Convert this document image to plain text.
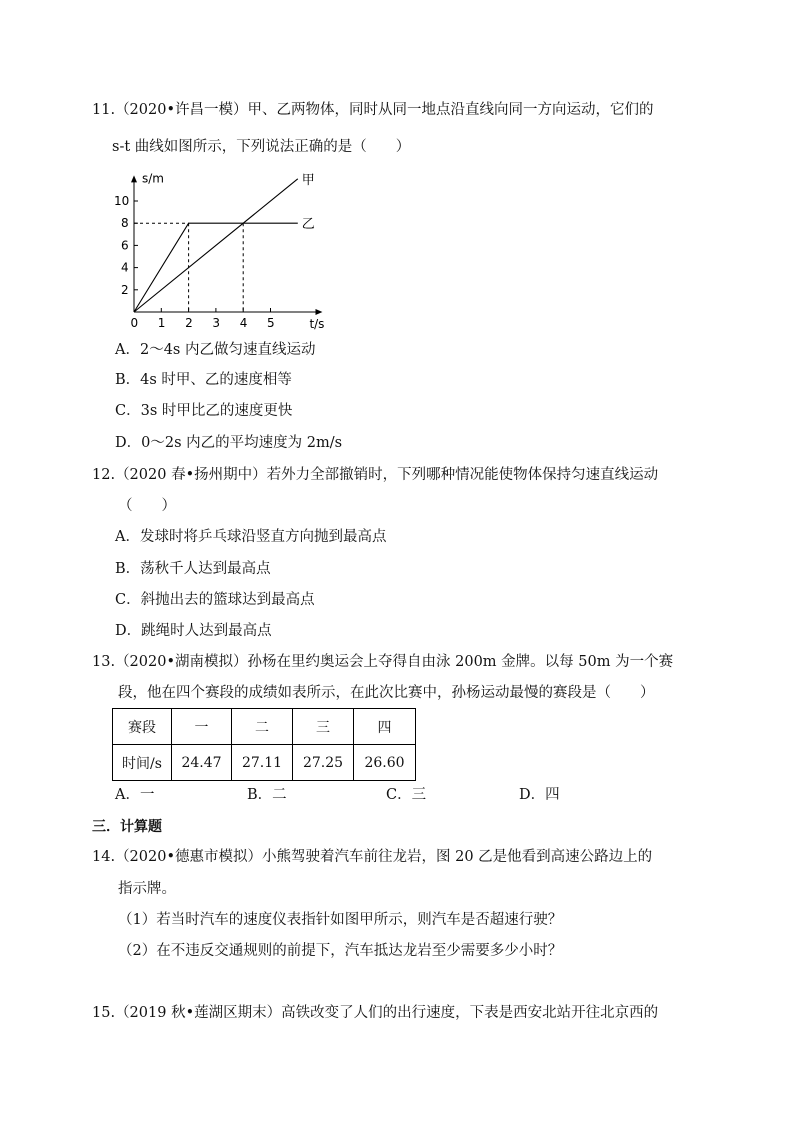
11.（2020•许昌一模）甲、乙两物体，同时从同一地点沿直线向同一方向运动，它们的
s-t 曲线如图所示，下列说法正确的是（　　）
s/m
t/s
0 1 2 3 4 5
2
4
6
8
10
甲
乙
A．2～4s 内乙做匀速直线运动
B．4s 时甲、乙的速度相等
C．3s 时甲比乙的速度更快
D．0～2s 内乙的平均速度为 2m/s
12.（2020 春•扬州期中）若外力全部撤销时，下列哪种情况能使物体保持匀速直线运动
（　　）
A．发球时将乒乓球沿竖直方向抛到最高点
B．荡秋千人达到最高点
C．斜抛出去的篮球达到最高点
D．跳绳时人达到最高点
13.（2020•湖南模拟）孙杨在里约奥运会上夺得自由泳 200m 金牌。以每 50m 为一个赛
段，他在四个赛段的成绩如表所示，在此次比赛中，孙杨运动最慢的赛段是（　　）
赛段	一	二	三	四
时间/s	24.47	27.11	27.25	26.60
A．一	B．二	C．三	D．四
三．计算题
14.（2020•德惠市模拟）小熊驾驶着汽车前往龙岩，图 20 乙是他看到高速公路边上的
指示牌。
（1）若当时汽车的速度仪表指针如图甲所示，则汽车是否超速行驶？
（2）在不违反交通规则的前提下，汽车抵达龙岩至少需要多少小时？
15.（2019 秋•莲湖区期末）高铁改变了人们的出行速度，下表是西安北站开往北京西的
